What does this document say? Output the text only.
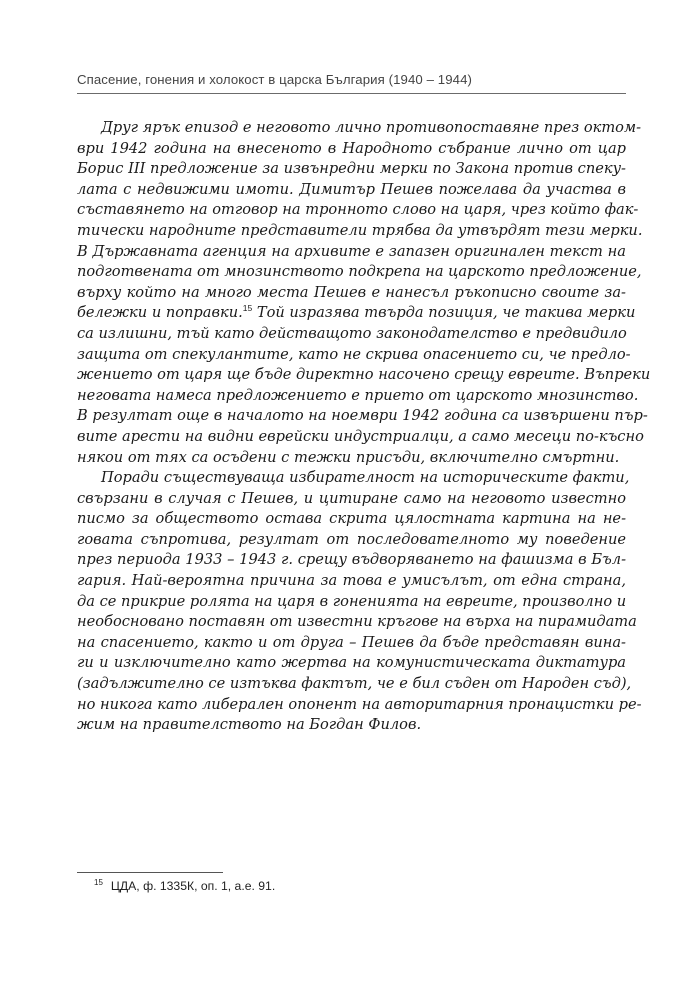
Спасение, гонения и холокост в царска България (1940 – 1944)
Друг ярък епизод е неговото лично противопоставяне през октом-
ври 1942 година на внесеното в Народното събрание лично от цар
Борис III предложение за извънредни мерки по Закона против спеку-
лата с недвижими имоти. Димитър Пешев пожелава да участва в
съставянето на отговор на тронното слово на царя, чрез който фак-
тически народните представители трябва да утвърдят тези мерки.
В Държавната агенция на архивите е запазен оригинален текст на
подготвената от мнозинството подкрепа на царското предложение,
върху който на много места Пешев е нанесъл ръкописно своите за-
бележки и поправки.$^{15}$ Той изразява твърда позиция, че такива мерки
са излишни, тъй като действащото законодателство е предвидило
защита от спекулантите, като не скрива опасението си, че предло-
жението от царя ще бъде директно насочено срещу евреите. Въпреки
неговата намеса предложението е прието от царското мнозинство.
В резултат още в началото на ноември 1942 година са извършени пър-
вите арести на видни еврейски индустриалци, а само месеци по-късно
някои от тях са осъдени с тежки присъди, включително смъртни.
Поради съществуваща избирателност на историческите факти,
свързани в случая с Пешев, и цитиране само на неговото известно
писмо за обществото остава скрита цялостната картина на не-
говата съпротива, резултат от последователното му поведение
през периода 1933 – 1943 г. срещу въдворяването на фашизма в Бъл-
гария. Най-вероятна причина за това е умисълът, от една страна,
да се прикрие ролята на царя в гоненията на евреите, произволно и
необосновано поставян от известни кръгове на върха на пирамидата
на спасението, както и от друга – Пешев да бъде представян вина-
ги и изключително като жертва на комунистическата диктатура
(задължително се изтъква фактът, че е бил съден от Народен съд),
но никога като либерален опонент на авторитарния пронацистки ре-
жим на правителството на Богдан Филов.
$^{15}$ ЦДА, ф. 1335К, оп. 1, а.е. 91.
